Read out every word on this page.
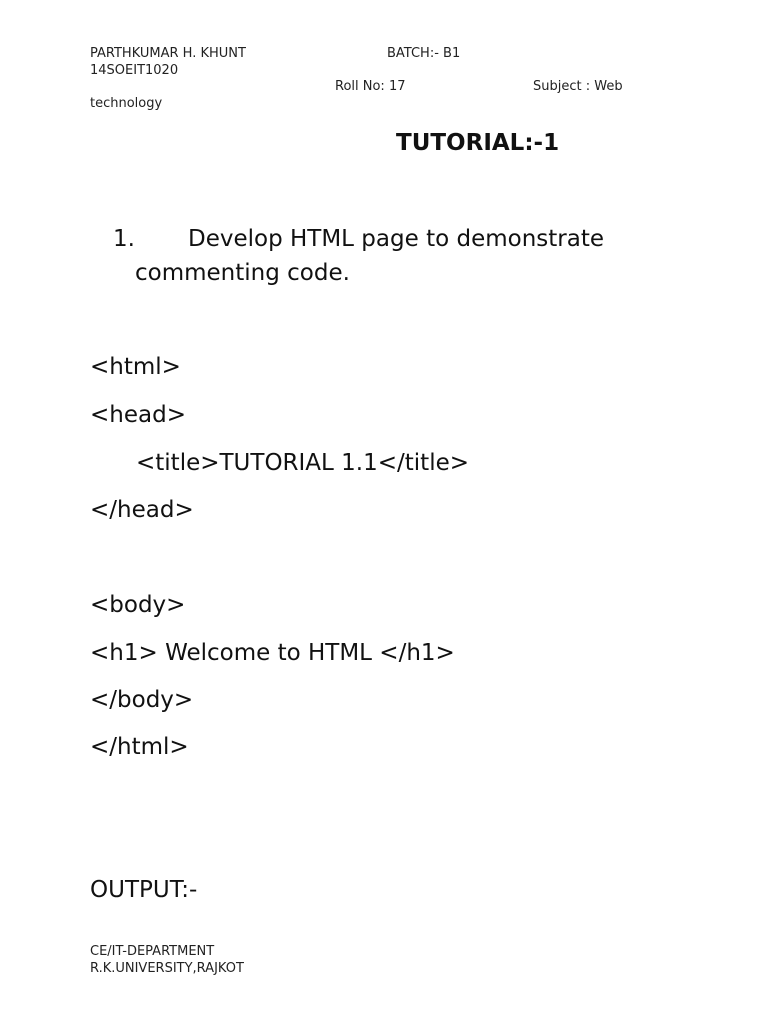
PARTHKUMAR H. KHUNT	BATCH:- B1
14SOEIT1020
Roll No: 17	Subject : Web
technology
TUTORIAL:-1
1. Develop HTML page to demonstrate
commenting code.
<html>
<head>
<title>TUTORIAL 1.1</title>
</head>
<body>
<h1> Welcome to HTML </h1>
</body>
</html>
OUTPUT:-
CE/IT-DEPARTMENT
R.K.UNIVERSITY,RAJKOT
